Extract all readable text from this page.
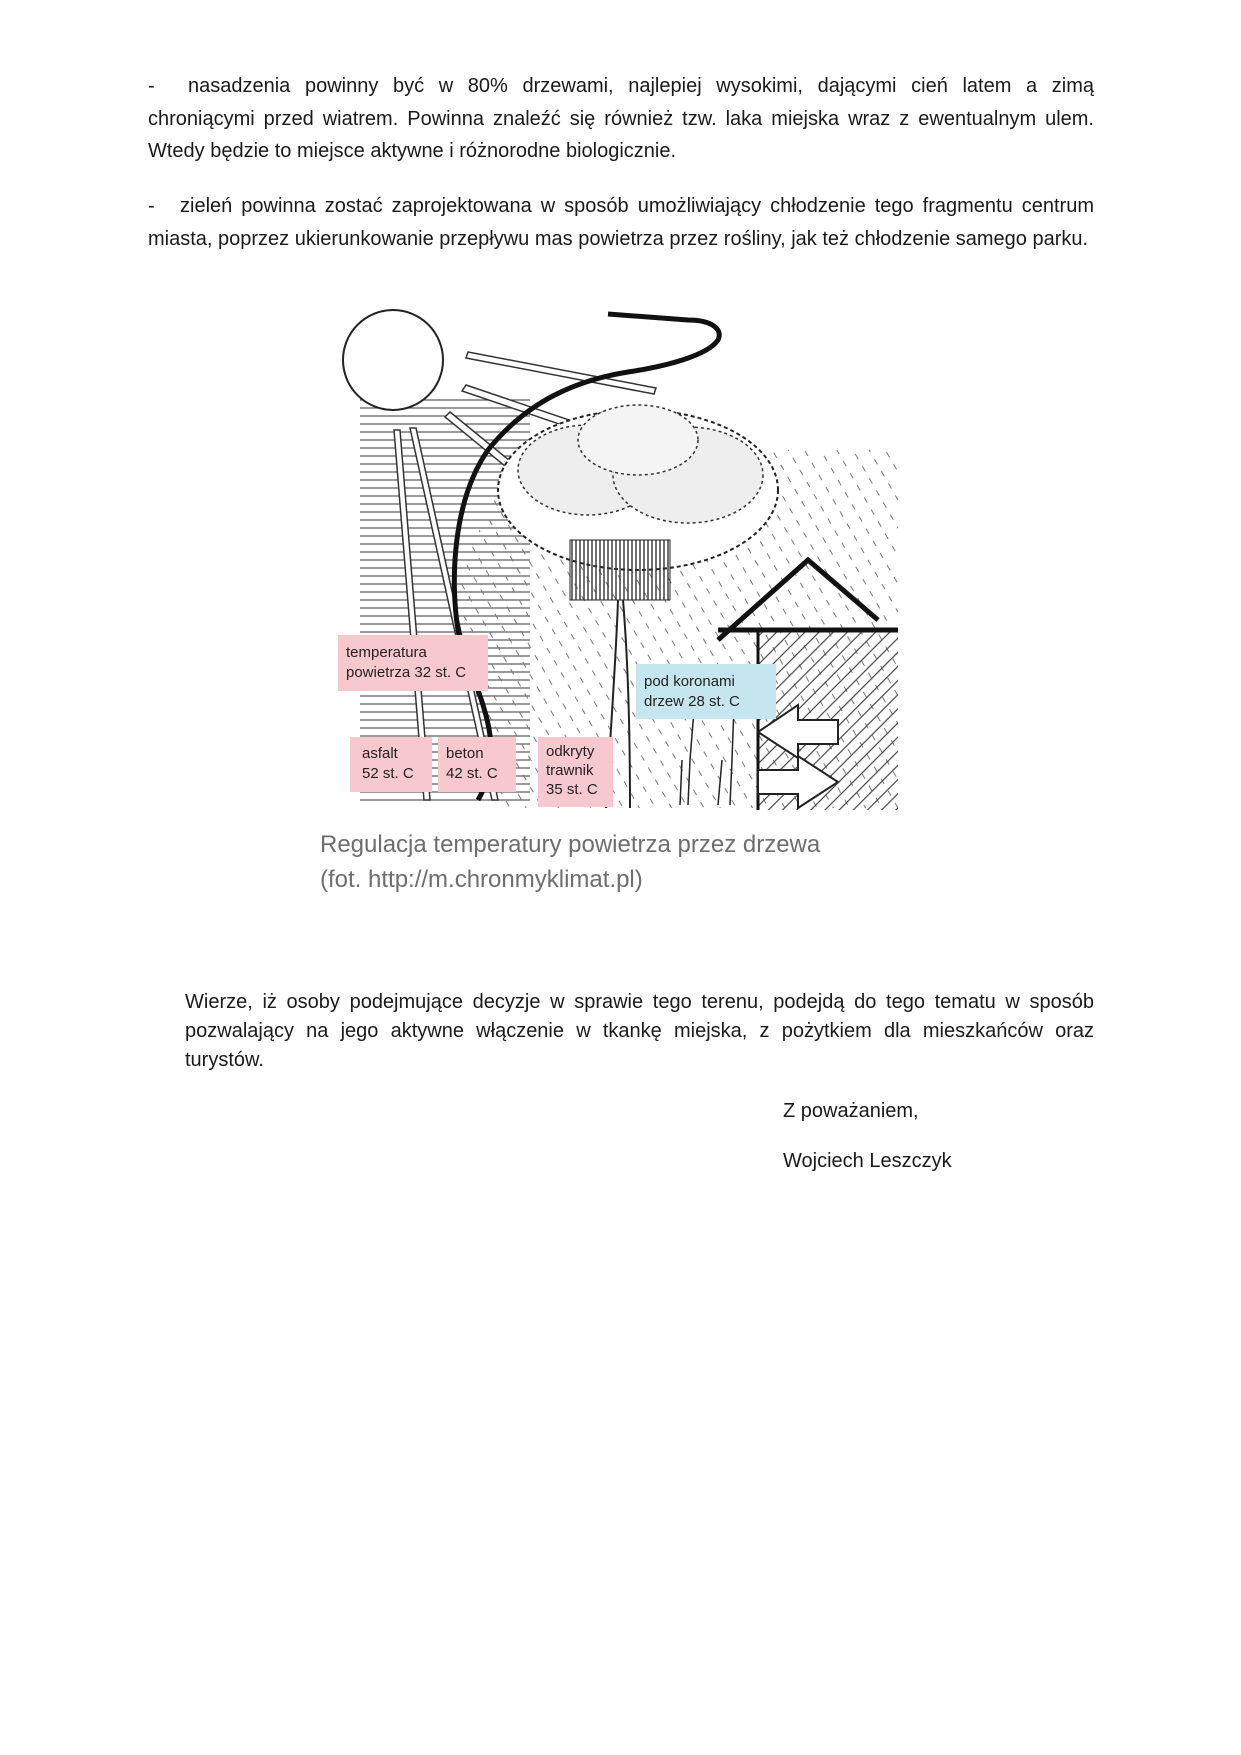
- nasadzenia powinny być w 80% drzewami, najlepiej wysokimi, dającymi cień latem a zimą chroniącymi przed wiatrem. Powinna znaleźć się również tzw. laka miejska wraz z ewentualnym ulem. Wtedy będzie to miejsce aktywne i różnorodne biologicznie.
- zieleń powinna zostać zaprojektowana w sposób umożliwiający chłodzenie tego fragmentu centrum miasta, poprzez ukierunkowanie przepływu mas powietrza przez rośliny, jak też chłodzenie samego parku.
temperatura
powietrza 32 st. C
asfalt
52 st. C
beton
42 st. C
odkryty
trawnik
35 st. C
pod koronami
drzew 28 st. C
Regulacja temperatury powietrza przez drzewa
(fot. http://m.chronmyklimat.pl)
Wierze, iż osoby podejmujące decyzje w sprawie tego terenu, podejdą do tego tematu w sposób pozwalający na jego aktywne włączenie w tkankę miejska, z pożytkiem dla mieszkańców oraz turystów.
Z poważaniem,
Wojciech Leszczyk
